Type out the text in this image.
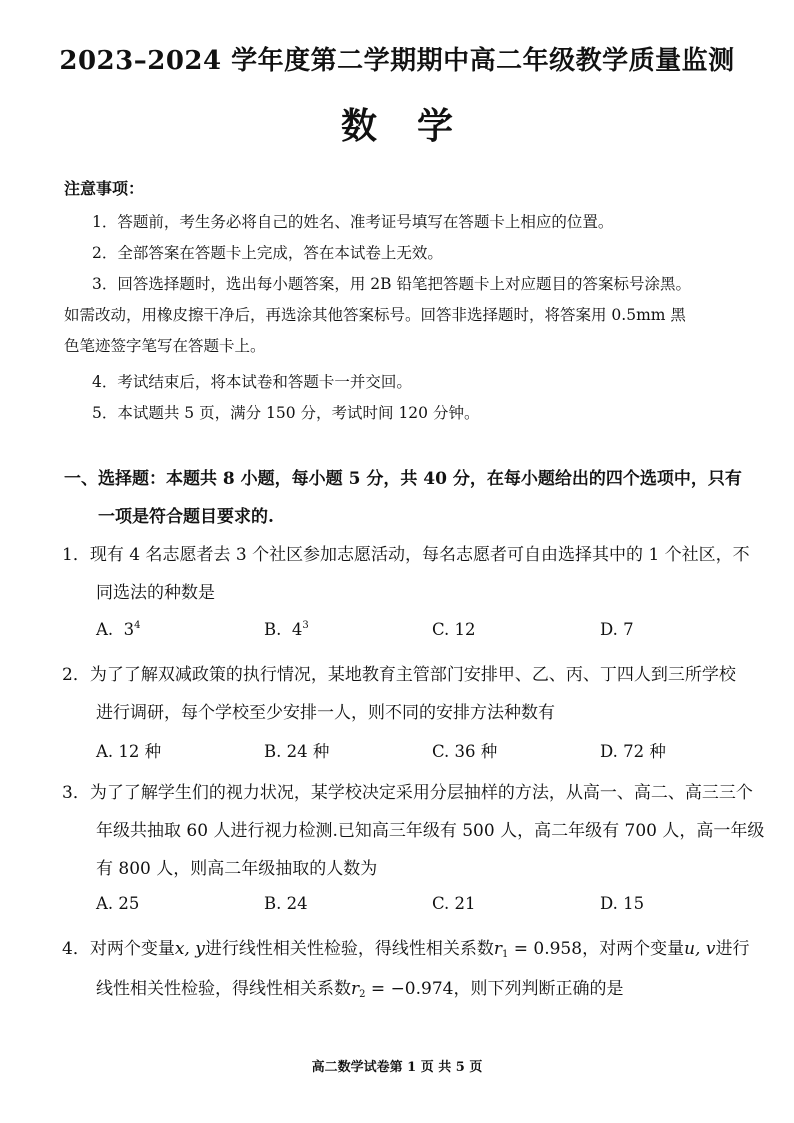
2023–2024 学年度第二学期期中高二年级教学质量监测
数学
注意事项：
1．答题前，考生务必将自己的姓名、准考证号填写在答题卡上相应的位置。
2．全部答案在答题卡上完成，答在本试卷上无效。
3．回答选择题时，选出每小题答案，用 2B 铅笔把答题卡上对应题目的答案标号涂黑。
如需改动，用橡皮擦干净后，再选涂其他答案标号。回答非选择题时，将答案用 0.5mm 黑
色笔迹签字笔写在答题卡上。
4．考试结束后，将本试卷和答题卡一并交回。
5．本试题共 5 页，满分 150 分，考试时间 120 分钟。
一、选择题：本题共 8 小题，每小题 5 分，共 40 分，在每小题给出的四个选项中，只有
一项是符合题目要求的.
1．现有 4 名志愿者去 3 个社区参加志愿活动，每名志愿者可自由选择其中的 1 个社区，不
同选法的种数是
A. $3^4$	B. $4^3$	C. 12	D. 7
2．为了了解双减政策的执行情况，某地教育主管部门安排甲、乙、丙、丁四人到三所学校
进行调研，每个学校至少安排一人，则不同的安排方法种数有
A. 12 种	B. 24 种	C. 36 种	D. 72 种
3．为了了解学生们的视力状况，某学校决定采用分层抽样的方法，从高一、高二、高三三个
年级共抽取 60 人进行视力检测.已知高三年级有 500 人，高二年级有 700 人，高一年级
有 800 人，则高二年级抽取的人数为
A. 25	B. 24	C. 21	D. 15
4．对两个变量x, y进行线性相关性检验，得线性相关系数$r_1 = 0.958$，对两个变量u, v进行
线性相关性检验，得线性相关系数$r_2 = -0.974$，则下列判断正确的是
高二数学试卷第 1 页 共 5 页
